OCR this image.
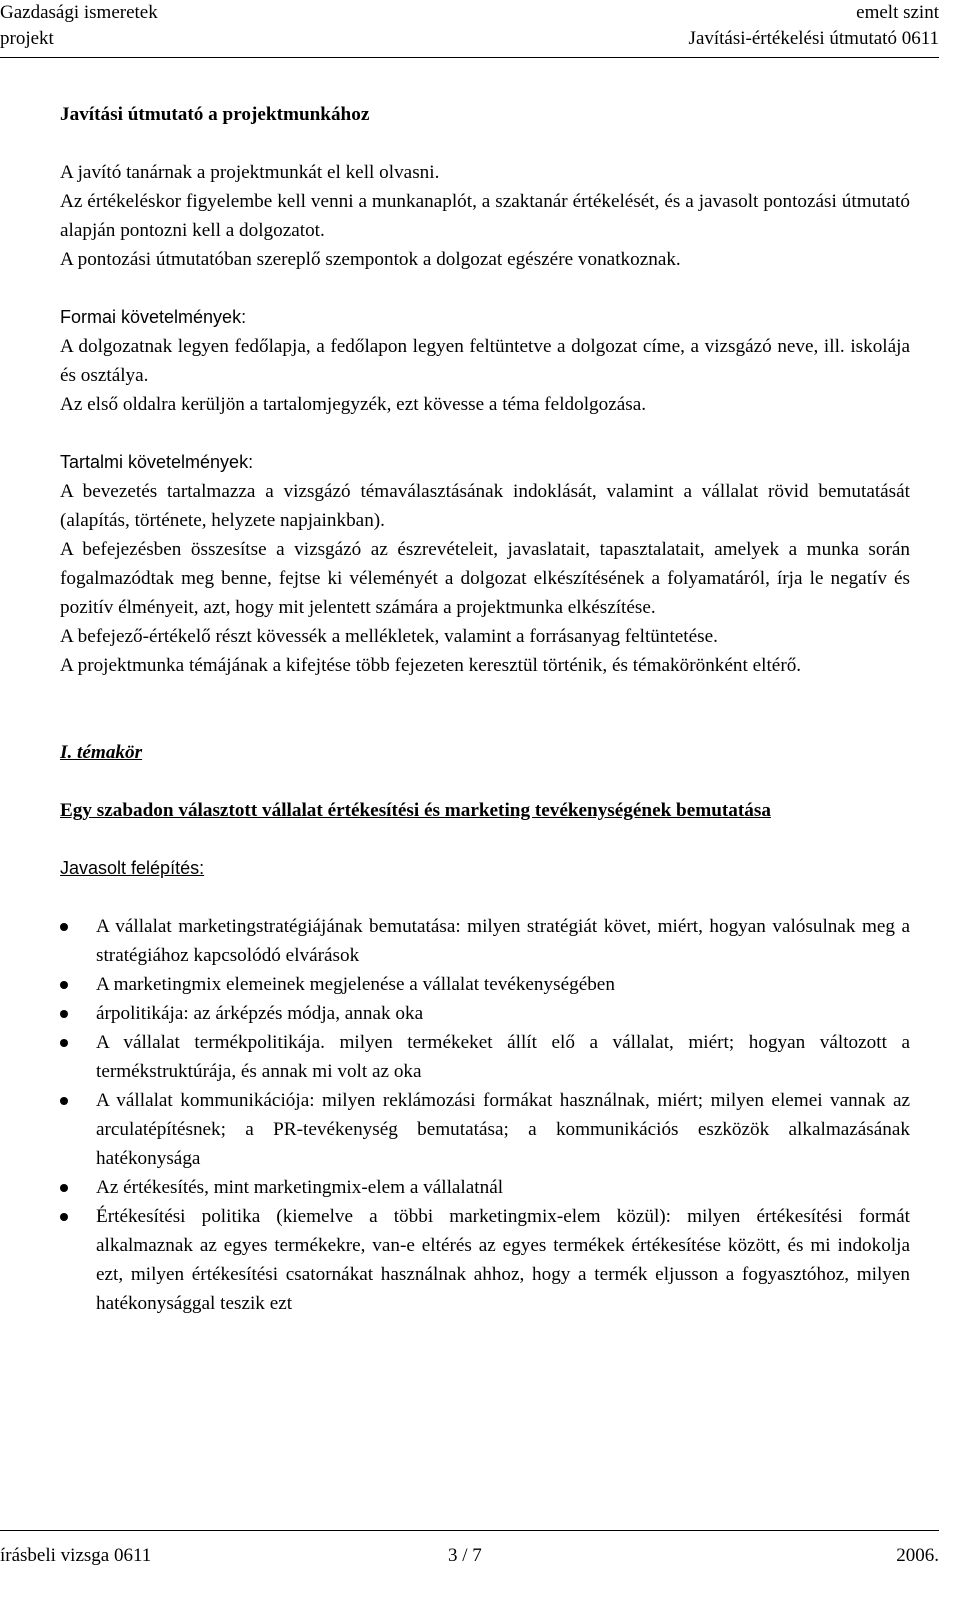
Gazdasági ismeretek
projekt
emelt szint
Javítási-értékelési útmutató 0611

Javítási útmutató a projektmunkához

A javító tanárnak a projektmunkát el kell olvasni.

Az értékeléskor figyelembe kell venni a munkanaplót, a szaktanár értékelését, és a javasolt pontozási útmutató alapján pontozni kell a dolgozatot.

A pontozási útmutatóban szereplő szempontok a dolgozat egészére vonatkoznak.

Formai követelmények:

A dolgozatnak legyen fedőlapja, a fedőlapon legyen feltüntetve a dolgozat címe, a vizsgázó neve, ill. iskolája és osztálya.

Az első oldalra kerüljön a tartalomjegyzék, ezt kövesse a téma feldolgozása.

Tartalmi követelmények:

A bevezetés tartalmazza a vizsgázó témaválasztásának indoklását, valamint a vállalat rövid bemutatását (alapítás, története, helyzete napjainkban).

A befejezésben összesítse a vizsgázó az észrevételeit, javaslatait, tapasztalatait, amelyek a munka során fogalmazódtak meg benne, fejtse ki véleményét a dolgozat elkészítésének a folyamatáról, írja le negatív és pozitív élményeit, azt, hogy mit jelentett számára a projektmunka elkészítése.

A befejező-értékelő részt kövessék a mellékletek, valamint a forrásanyag feltüntetése.

A projektmunka témájának a kifejtése több fejezeten keresztül történik, és témakörönként eltérő.

I. témakör

Egy szabadon választott vállalat értékesítési és marketing tevékenységének bemutatása

Javasolt felépítés:

A vállalat marketingstratégiájának bemutatása: milyen stratégiát követ, miért, hogyan valósulnak meg a stratégiához kapcsolódó elvárások
A marketingmix elemeinek megjelenése a vállalat tevékenységében
árpolitikája: az árképzés módja, annak oka
A vállalat termékpolitikája. milyen termékeket állít elő a vállalat, miért; hogyan változott a termékstruktúrája, és annak mi volt az oka
A vállalat kommunikációja: milyen reklámozási formákat használnak, miért; milyen elemei vannak az arculatépítésnek; a PR-tevékenység bemutatása; a kommunikációs eszközök alkalmazásának hatékonysága
Az értékesítés, mint marketingmix-elem a vállalatnál
Értékesítési politika (kiemelve a többi marketingmix-elem közül): milyen értékesítési formát alkalmaznak az egyes termékekre, van-e eltérés az egyes termékek értékesítése között, és mi indokolja ezt, milyen értékesítési csatornákat használnak ahhoz, hogy a termék eljusson a fogyasztóhoz, milyen hatékonysággal teszik ezt
írásbeli vizsga 0611	3 / 7	2006.
